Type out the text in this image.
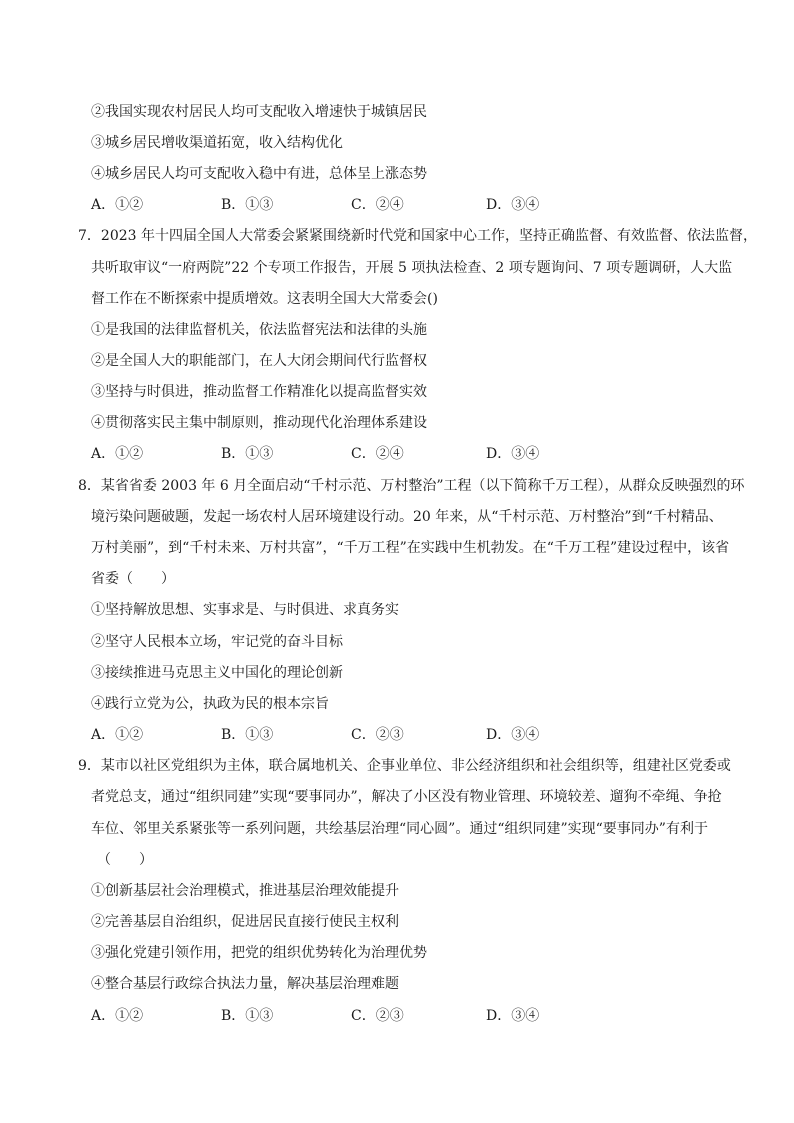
②我国实现农村居民人均可支配收入增速快于城镇居民
③城乡居民增收渠道拓宽，收入结构优化
④城乡居民人均可支配收入稳中有进，总体呈上涨态势
A．①②	B．①③	C．②④	D．③④
7．2023 年十四届全国人大常委会紧紧围绕新时代党和国家中心工作，坚持正确监督、有效监督、依法监督，
共听取审议“一府两院”22 个专项工作报告，开展 5 项执法检查、2 项专题询问、7 项专题调研，人大监
督工作在不断探索中提质增效。这表明全国大大常委会()
①是我国的法律监督机关，依法监督宪法和法律的头施
②是全国人大的职能部门，在人大闭会期间代行监督权
③坚持与时俱进，推动监督工作精准化以提高监督实效
④贯彻落实民主集中制原则，推动现代化治理体系建设
A．①②	B．①③	C．②④	D．③④
8．某省省委 2003 年 6 月全面启动“千村示范、万村整治”工程（以下简称千万工程），从群众反映强烈的环
境污染问题破题，发起一场农村人居环境建设行动。20 年来，从“千村示范、万村整治”到“千村精品、
万村美丽”，到“千村未来、万村共富”，“千万工程”在实践中生机勃发。在“千万工程”建设过程中，该省
省委（　　）
①坚持解放思想、实事求是、与时俱进、求真务实
②坚守人民根本立场，牢记党的奋斗目标
③接续推进马克思主义中国化的理论创新
④践行立党为公，执政为民的根本宗旨
A．①②	B．①③	C．②③	D．③④
9．某市以社区党组织为主体，联合属地机关、企事业单位、非公经济组织和社会组织等，组建社区党委或
者党总支，通过“组织同建”实现“要事同办”，解决了小区没有物业管理、环境较差、遛狗不牵绳、争抢
车位、邻里关系紧张等一系列问题，共绘基层治理“同心圆”。通过“组织同建”实现“要事同办”有利于
（　　）
①创新基层社会治理模式，推进基层治理效能提升
②完善基层自治组织，促进居民直接行使民主权利
③强化党建引领作用，把党的组织优势转化为治理优势
④整合基层行政综合执法力量，解决基层治理难题
A．①②	B．①③	C．②③	D．③④
